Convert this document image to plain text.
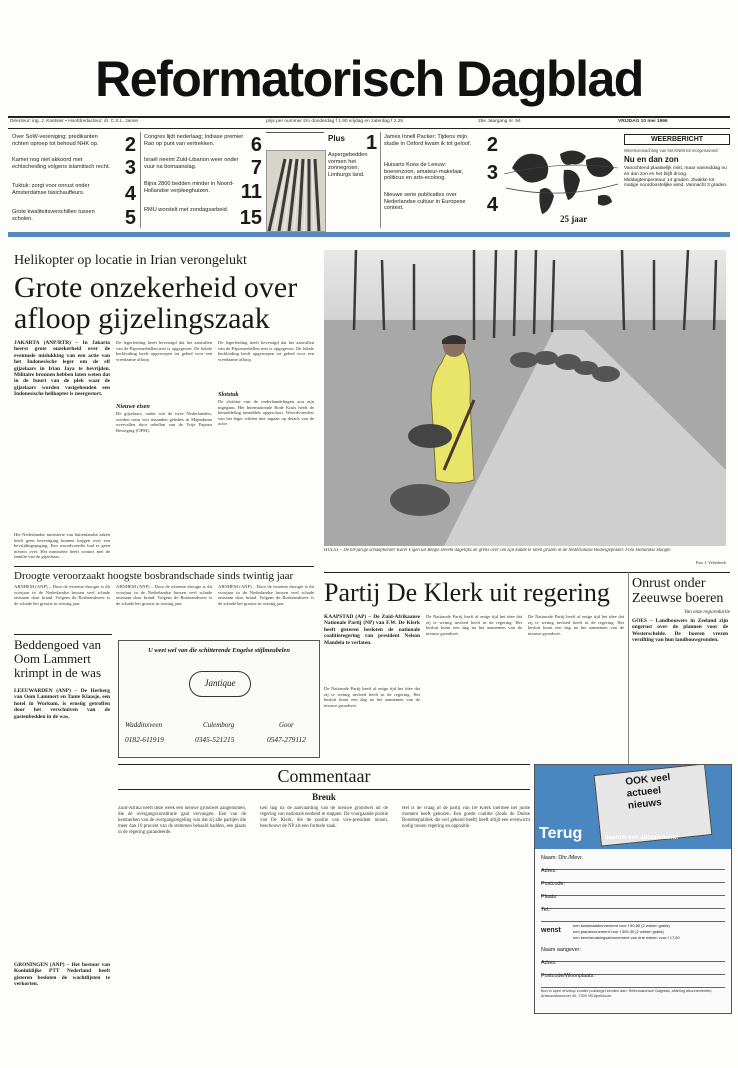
Reformatorisch Dagblad
Directeur: ing. J. Koetsier • Hoofdredacteur: dr. C.S.L. Janse	prijs per nummer t/m donderdag f 1,90 vrijdag en zaterdag f 2,25	25e Jaargang nr. 94	VRIJDAG 10 mei 1996
Over SoW-vereniging: predikanten richten oproep tot behoud NHK op.	2
Kamer nog niet akkoord met echtscheiding volgens islamitisch recht. 3
Tuktuk: zorgt voor onrust onder Amsterdamse taxichauffeurs.	4
Grote kwaliteitsverschillen tussen scholen.	5
Congres lijdt nederlaag; Indiase premier Rao op punt van vertrekken.	6
Israël neemt Zuid-Libanon weer onder vuur na bomaanslag.	7
Bijna 2800 bedden minder in Noord-Hollandse verpleeghuizen.	11
RMU worstelt met zondagsarbeid. 15
Plus 1
Aspergebedden vormen het zonnegroen. Limburgs land.
James Innell Packer: Tijdens mijn studie in Oxford kwam ik tot geloof. 2
Huisarts Koos de Leeuw: boerenzoon, amateur-makelaar, politicus en arts-ecoloog.	3
Nieuwe serie publicaties over Nederlandse cultuur in Europese context.	4
25 jaar
WEERBERICHT
Weersverwachting van het KNMI tot morgenavond:
Nu en dan zon
Vanochtend plaatselijk mist, maar vanmiddag nu en dan zon en het blijft droog. Middagtemperatuur 14 graden. Zwakke tot matige noordoostelijke wind. Vannacht 3 graden.
Helikopter op locatie in Irian verongelukt
Grote onzekerheid over afloop gijzelingszaak
JAKARTA (ANP/RTR) – In Jakarta heerst grote onzekerheid over de eventuele mislukking van een actie van het Indonesische leger om de elf gijzelaars in Irian Jaya te bevrijden. Militaire bronnen hebben laten weten dat in de buurt van de plek waar de gijzelaars worden vastgehouden een Indonesische helikopter is neergestort.
Het Nederlandse ministerie van buitenlandse zaken heeft geen bevestiging kunnen krijgen over een bevrijdingspoging. Een woordvoerder had er geen nieuws over. Het ministerie heeft contact met de familie van de gijzelaars.
De legerleiding heeft bevestigd dat het aanvallen van de Papoearebellen niet is opgegeven. De lokale kerkleiding heeft opgeroepen tot gebed voor een vreedzame afloop.
Nieuwe eisen
De gijzelaars, onder wie de twee Nederlanders, werden ruim vier maanden geleden in Mapnduma overvallen door rebellen van de Vrije Papoea Beweging (OPM).
De legerleiding heeft bevestigd dat het aanvallen van de Papoearebellen niet is opgegeven. De lokale kerkleiding heeft opgeroepen tot gebed voor een vreedzame afloop.
Slotstuk
De slotfase van de onderhandelingen zou zijn ingegaan. Het Internationale Rode Kruis heeft de bemiddeling inmiddels opgeschort. Woordvoerders van het leger wilden niet ingaan op details van de actie.
HULST – De 69-jarige schaapherder Karel Figen uit België streekt dagelijks de grens over om zijn kudde te laten grazen in de Nederlandse Hedwigepolder. Foto Hollandse Hoogte
Foto J. Velterbeek
Droogte veroorzaakt hoogste bosbrandschade sinds twintig jaar
ARNHEM (ANP) – Door de extreme droogte is dit voorjaar in de Nederlandse bossen veel schade ontstaan door brand. Volgens de Bosbrandweer is de schade het grootst in twintig jaar.
ARNHEM (ANP) – Door de extreme droogte is dit voorjaar in de Nederlandse bossen veel schade ontstaan door brand. Volgens de Bosbrandweer is de schade het grootst in twintig jaar.
ARNHEM (ANP) – Door de extreme droogte is dit voorjaar in de Nederlandse bossen veel schade ontstaan door brand. Volgens de Bosbrandweer is de schade het grootst in twintig jaar.	Partij De Klerk uit regering
KAAPSTAD (AP) – De Zuid-Afrikaanse Nationale Partij (NP) van F.W. De Klerk heeft gisteren besloten de nationale coalitieregering van president Nelson Mandela te verlaten.
De Nationale Partij heeft al enige tijd het idee dat zij te weinig invloed heeft in de regering. Het besluit komt een dag na het aannemen van de nieuwe grondwet.
De Nationale Partij heeft al enige tijd het idee dat zij te weinig invloed heeft in de regering. Het besluit komt een dag na het aannemen van de nieuwe grondwet.
De Nationale Partij heeft al enige tijd het idee dat zij te weinig invloed heeft in de regering. Het besluit komt een dag na het aannemen van de nieuwe grondwet.
Onrust onder Zeeuwse boeren
Van onze regioredactie
GOES – Landbouwers in Zeeland zijn ongerust over de plannen voor de Westerschelde. De boeren vrezen verzilting van hun landbouwgronden.
Beddengoed van Oom Lammert krimpt in de was
LEEUWARDEN (ANP) – De Herberg van Oom Lammert en Tante Klaasje, een hotel in Workum, is ernstig getroffen door het verschuiven van de gastenbedden in de was.
GRONINGEN (ANP) – Het bestuur van Koninklijke PTT Nederland heeft gisteren besloten de wachtlijsten te verkorten.
U weet wel van die schitterende Engelse stijlmeubelen
Jantique
Waddinxveen	Culemborg	Goor
0182-611919	0345-521215	0547-279112
Commentaar
Breuk
Zuid-Afrika heeft deze week een nieuwe grondwet aangenomen, die de overgangsconstitutie gaat vervangen. Een van de kenmerken van de overgangsregeling was dat zij alle partijen die meer dan 10 procent van de stemmen behaald hadden, een plaats in de regering garandeerde.
Een dag na de aanvaarding van de nieuwe grondwet uit de regering van nationale eenheid te stappen. De voorgaande positie van De Klerk, die de positie van vice-president innam, beschouwt de NP als een formele zaak.
Het is de vraag of de partij van De Klerk hiermee het juiste moment heeft gekozen. Een goede coalitie (zoals de Duitse Bondsrepubliek die wel gekend heeft) heeft altijd een evenwicht nodig tussen regering en oppositie.
OOK veel
actueel
nieuws
Terug	daarom een abonnement!
Naam: Dhr./Mevr.
Adres:
Postcode:
Plaats:
Tel.:
wenst
een kwartaalabonnement voor f 80,85 (2 weken gratis)
een jaarabonnement voor f 305,30 (2 weken gratis)
een kennismakingsabonnement van drie weken voor f 17,50
Naam aangever:
Adres:
Postcode/Woonplaats:
Bon in open envelop zonder postzegel zenden aan: Reformatorisch Dagblad, afdeling abonnementen, Antwoordnummer 40, 7300 VB Apeldoorn.
